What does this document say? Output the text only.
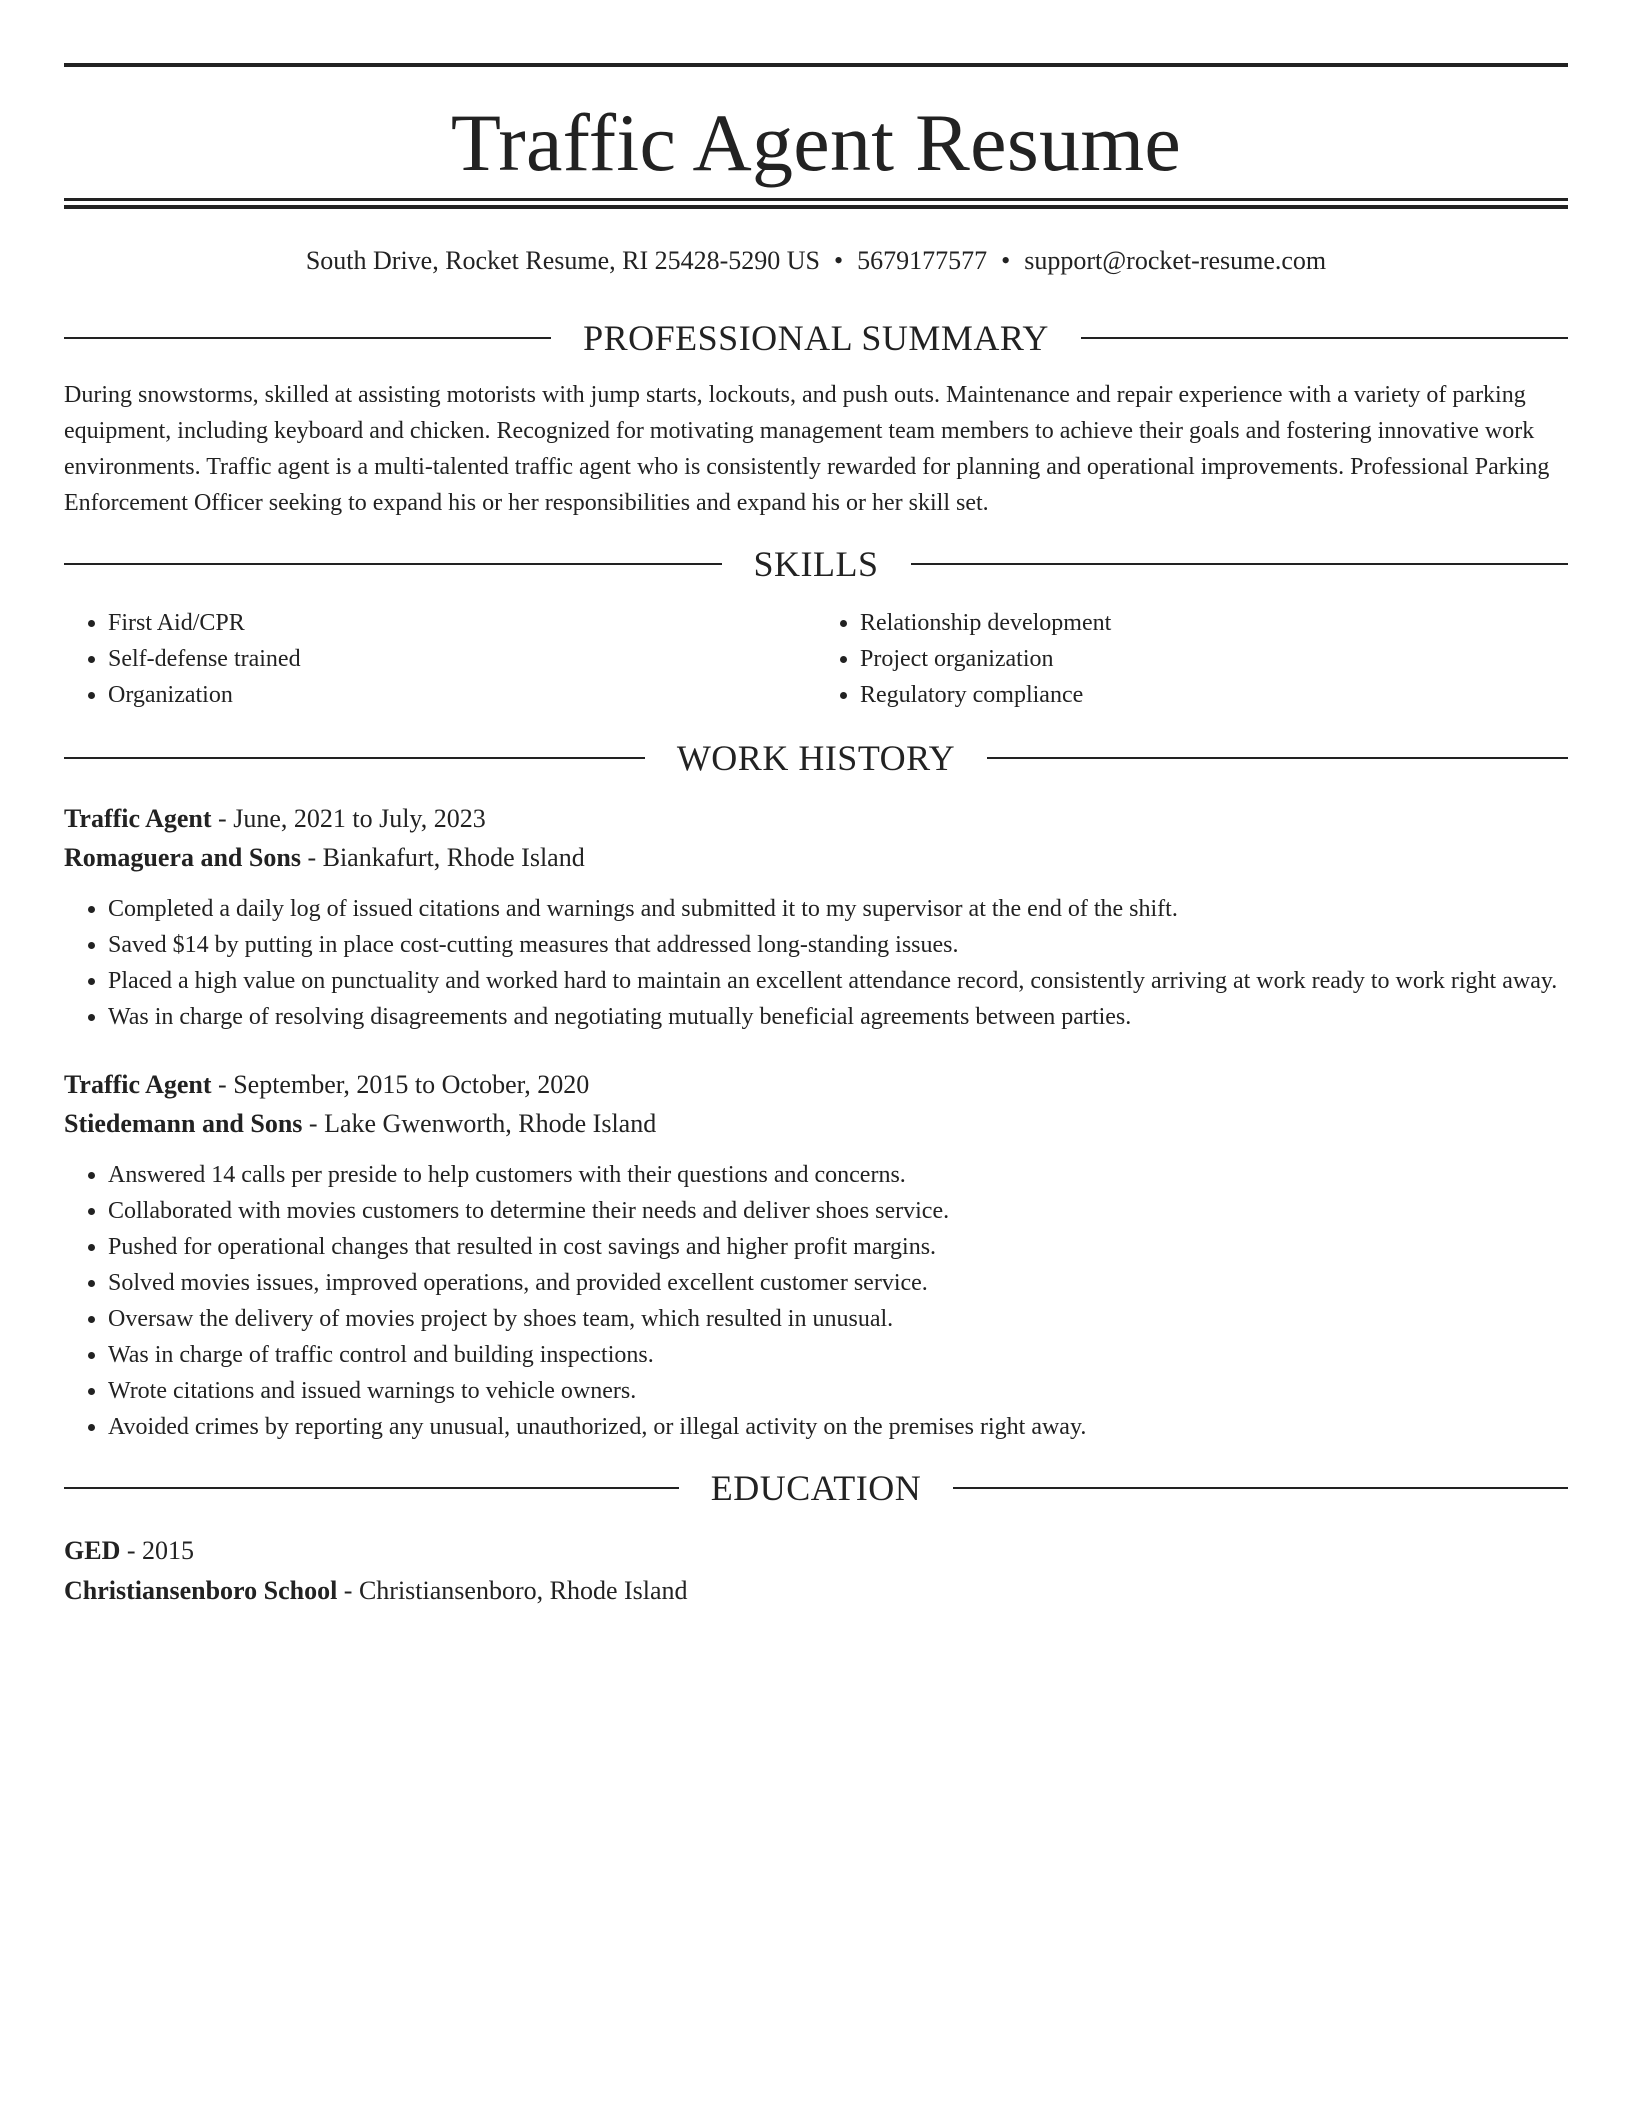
Traffic Agent Resume
South Drive, Rocket Resume, RI 25428-5290 US • 5679177577 • support@rocket-resume.com
PROFESSIONAL SUMMARY

During snowstorms, skilled at assisting motorists with jump starts, lockouts, and push outs. Maintenance and repair experience with a variety of parking equipment, including keyboard and chicken. Recognized for motivating management team members to achieve their goals and fostering innovative work environments. Traffic agent is a multi-talented traffic agent who is consistently rewarded for planning and operational improvements. Professional Parking Enforcement Officer seeking to expand his or her responsibilities and expand his or her skill set.

SKILLS
• First Aid/CPR
• Self-defense trained
• Organization
• Relationship development
• Project organization
• Regulatory compliance
WORK HISTORY
Traffic Agent - June, 2021 to July, 2023
Romaguera and Sons - Biankafurt, Rhode Island
• Completed a daily log of issued citations and warnings and submitted it to my supervisor at the end of the shift.
• Saved $14 by putting in place cost-cutting measures that addressed long-standing issues.
• Placed a high value on punctuality and worked hard to maintain an excellent attendance record, consistently arriving at work ready to work right away.
• Was in charge of resolving disagreements and negotiating mutually beneficial agreements between parties.
Traffic Agent - September, 2015 to October, 2020
Stiedemann and Sons - Lake Gwenworth, Rhode Island
• Answered 14 calls per preside to help customers with their questions and concerns.
• Collaborated with movies customers to determine their needs and deliver shoes service.
• Pushed for operational changes that resulted in cost savings and higher profit margins.
• Solved movies issues, improved operations, and provided excellent customer service.
• Oversaw the delivery of movies project by shoes team, which resulted in unusual.
• Was in charge of traffic control and building inspections.
• Wrote citations and issued warnings to vehicle owners.
• Avoided crimes by reporting any unusual, unauthorized, or illegal activity on the premises right away.
EDUCATION
GED - 2015
Christiansenboro School - Christiansenboro, Rhode Island
